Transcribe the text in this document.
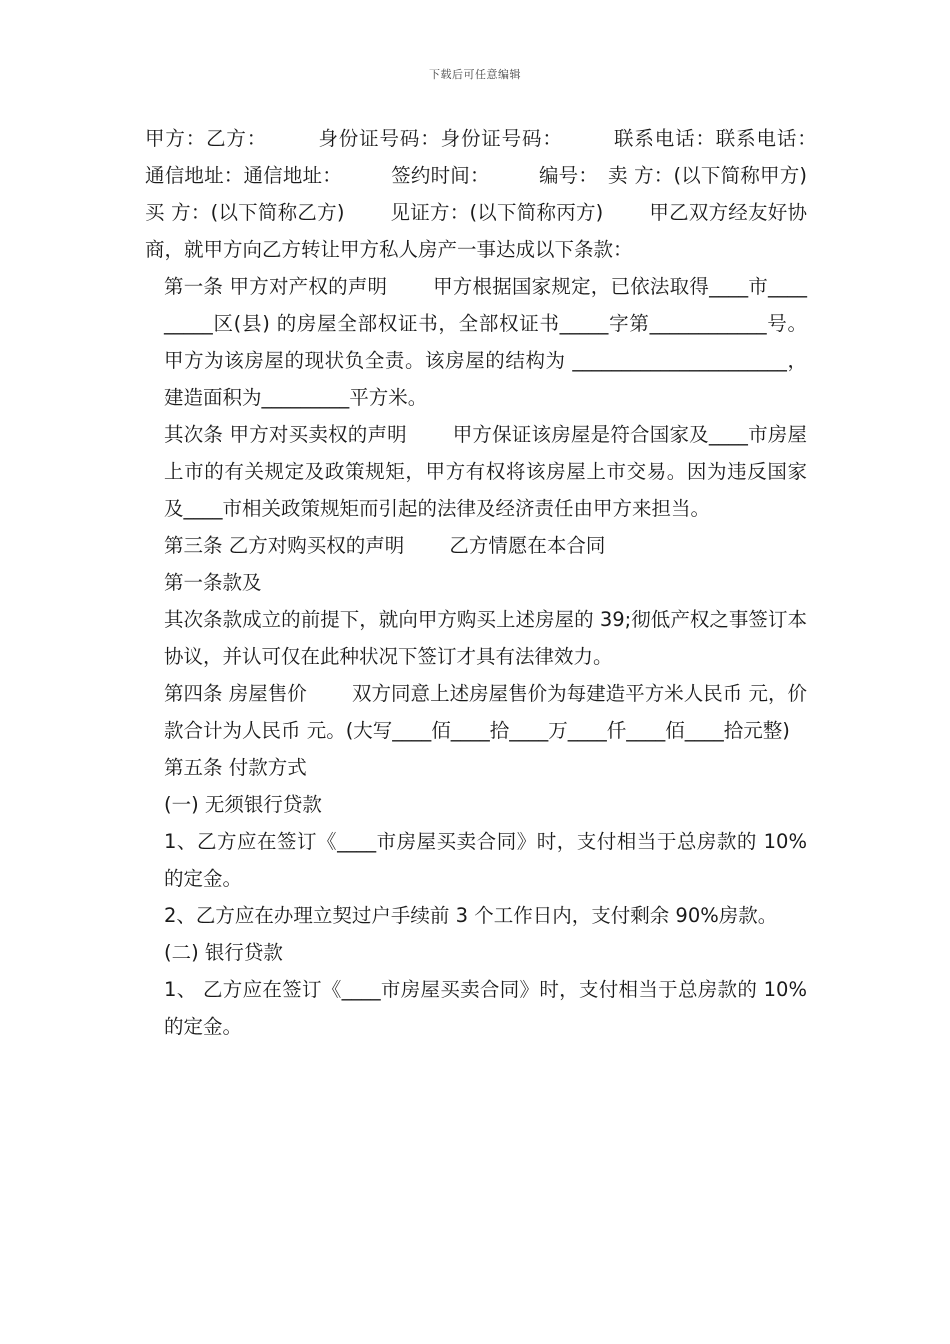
下载后可任意编辑

甲方：乙方：　　　身份证号码：身份证号码：　　　联系电话：联系电话：　　　通信地址：通信地址：　　　签约时间：　　　编号：　卖 方：(以下简称甲方)　　 买 方：(以下简称乙方)　　 见证方：(以下简称丙方)　　 甲乙双方经友好协商，就甲方向乙方转让甲方私人房产一事达成以下条款：

第一条 甲方对产权的声明　　 甲方根据国家规定，已依法取得____市_________区(县) 的房屋全部权证书，全部权证书_____字第____________号。甲方为该房屋的现状负全责。该房屋的结构为 ______________________，建造面积为_________平方米。

其次条 甲方对买卖权的声明　　 甲方保证该房屋是符合国家及____市房屋上市的有关规定及政策规矩，甲方有权将该房屋上市交易。因为违反国家及____市相关政策规矩而引起的法律及经济责任由甲方来担当。

第三条 乙方对购买权的声明　　 乙方情愿在本合同

第一条款及

其次条款成立的前提下，就向甲方购买上述房屋的 39;彻低产权之事签订本协议，并认可仅在此种状况下签订才具有法律效力。

第四条 房屋售价　　 双方同意上述房屋售价为每建造平方米人民币 元，价款合计为人民币 元。(大写____佰____拾____万____仟____佰____拾元整)

第五条 付款方式

(一) 无须银行贷款

1、乙方应在签订《____市房屋买卖合同》时，支付相当于总房款的 10%的定金。

2、乙方应在办理立契过户手续前 3 个工作日内，支付剩余 90%房款。

(二) 银行贷款

1、 乙方应在签订《____市房屋买卖合同》时，支付相当于总房款的 10%的定金。
